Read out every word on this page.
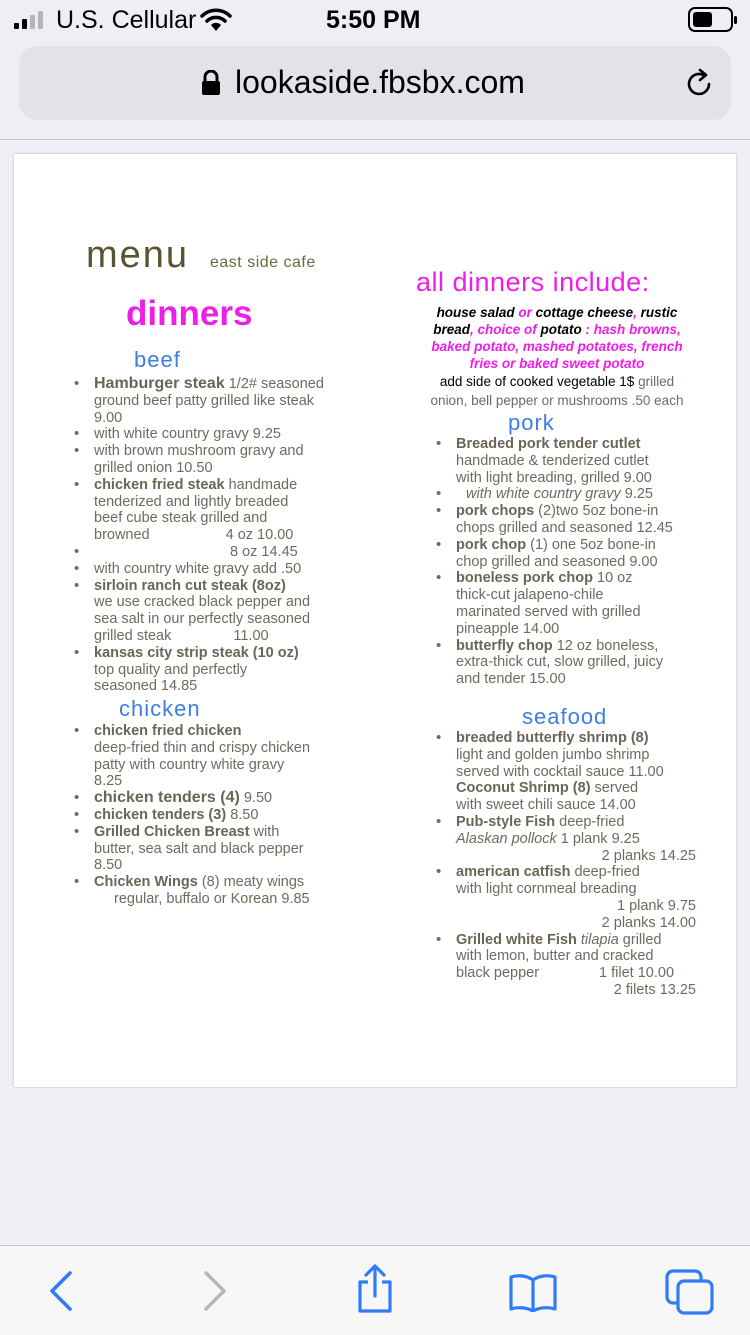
U.S. Cellular	5:50 PM
lookaside.fbsbx.com
menu east side cafe
dinners
beef
• Hamburger steak 1/2# seasoned
ground beef patty grilled like steak
9.00
• with white country gravy 9.25
• with brown mushroom gravy and
grilled onion 10.50
• chicken fried steak handmade
tenderized and lightly breaded
beef cube steak grilled and
browned	4 oz 10.00
• 8 oz 14.45
• with country white gravy add .50
• sirloin ranch cut steak (8oz)
we use cracked black pepper and
sea salt in our perfectly seasoned
grilled steak	11.00
• kansas city strip steak (10 oz)
top quality and perfectly
seasoned 14.85
chicken
• chicken fried chicken
deep-fried thin and crispy chicken
patty with country white gravy
8.25
• chicken tenders (4) 9.50
• chicken tenders (3) 8.50
• Grilled Chicken Breast with
butter, sea salt and black pepper
8.50
• Chicken Wings (8) meaty wings
regular, buffalo or Korean 9.85
all dinners include:
house salad or cottage cheese, rustic
bread, choice of potato : hash browns,
baked potato, mashed potatoes, french
fries or baked sweet potato
add side of cooked vegetable 1$ grilled
onion, bell pepper or mushrooms .50 each
pork
• Breaded pork tender cutlet
handmade & tenderized cutlet
with light breading, grilled 9.00
• with white country gravy 9.25
• pork chops (2)two 5oz bone-in
chops grilled and seasoned 12.45
• pork chop (1) one 5oz bone-in
chop grilled and seasoned 9.00
• boneless pork chop 10 oz
thick-cut jalapeno-chile
marinated served with grilled
pineapple 14.00
• butterfly chop 12 oz boneless,
extra-thick cut, slow grilled, juicy
and tender 15.00
seafood
• breaded butterfly shrimp (8)
light and golden jumbo shrimp
served with cocktail sauce 11.00
Coconut Shrimp (8) served
with sweet chili sauce 14.00
• Pub-style Fish deep-fried
Alaskan pollock 1 plank 9.25

2 planks 14.25
• american catfish deep-fried
with light cornmeal breading
1 plank 9.75
2 planks 14.00
• Grilled white Fish tilapia grilled
with lemon, butter and cracked
black pepper	1 filet 10.00
2 filets 13.25
